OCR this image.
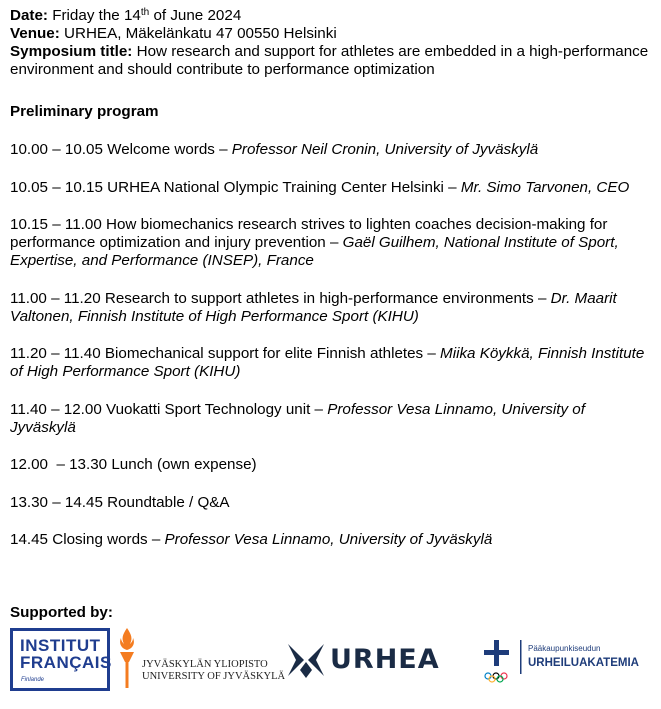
Date: Friday the 14th of June 2024

Venue: URHEA, Mäkelänkatu 47 00550 Helsinki

Symposium title: How research and support for athletes are embedded in a high-performance environment and should contribute to performance optimization

Preliminary program

10.00 – 10.05 Welcome words – Professor Neil Cronin, University of Jyväskylä

10.05 – 10.15 URHEA National Olympic Training Center Helsinki – Mr. Simo Tarvonen, CEO

10.15 – 11.00 How biomechanics research strives to lighten coaches decision-making for performance optimization and injury prevention – Gaël Guilhem, National Institute of Sport, Expertise, and Performance (INSEP), France

11.00 – 11.20 Research to support athletes in high-performance environments – Dr. Maarit Valtonen, Finnish Institute of High Performance Sport (KIHU)

11.20 – 11.40 Biomechanical support for elite Finnish athletes – Miika Köykkä, Finnish Institute of High Performance Sport (KIHU)

11.40 – 12.00 Vuokatti Sport Technology unit – Professor Vesa Linnamo, University of Jyväskylä

12.00  – 13.30 Lunch (own expense)

13.30 – 14.45 Roundtable / Q&A

14.45 Closing words – Professor Vesa Linnamo, University of Jyväskylä

Supported by:
INSTITUT
FRANÇAIS
Finlande
JYVÄSKYLÄN YLIOPISTO
UNIVERSITY OF JYVÄSKYLÄ
URHEA	Pääkaupunkiseudun
URHEILUAKATEMIA
